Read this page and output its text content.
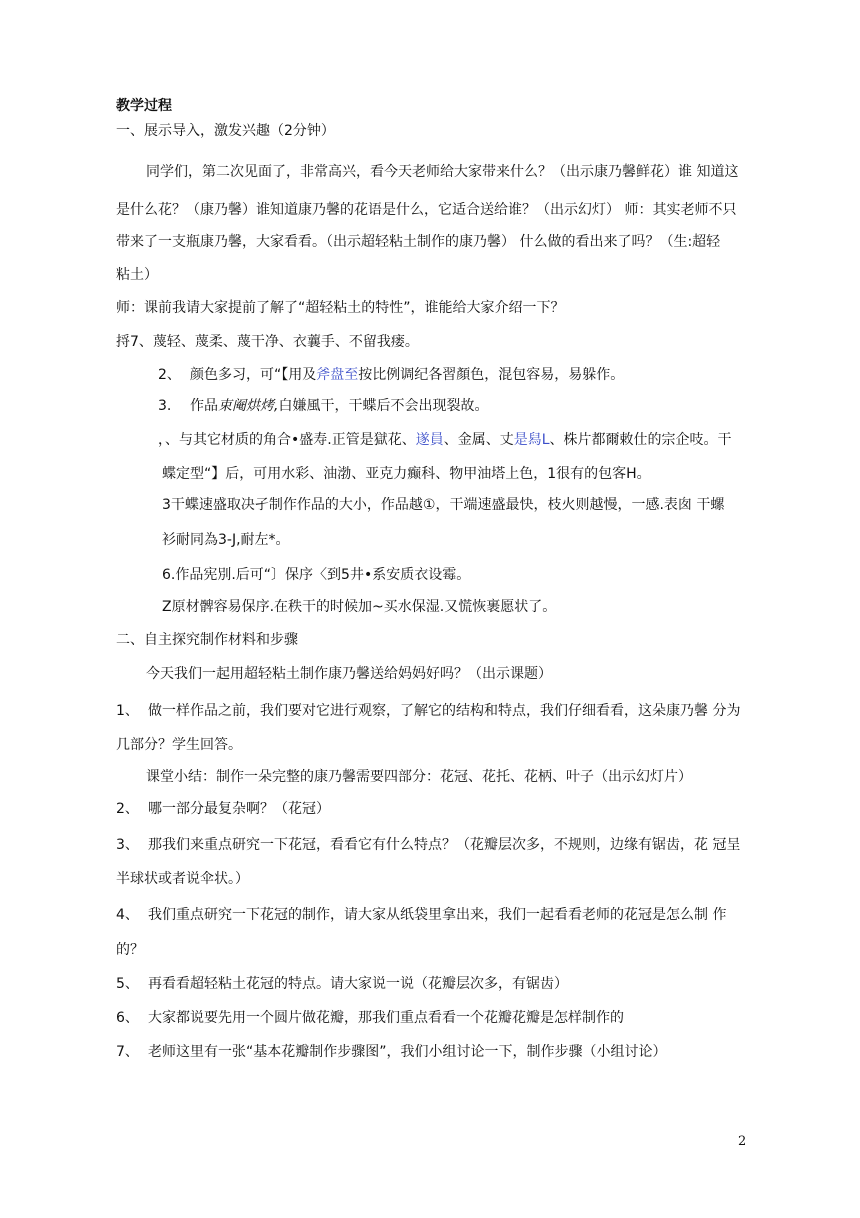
教学过程
一、展示导入，激发兴趣（2分钟）
同学们，第二次见面了，非常高兴，看今天老师给大家带来什么？（出示康乃馨鲜花）谁 知道这
是什么花？（康乃馨）谁知道康乃馨的花语是什么，它适合送给谁？（出示幻灯） 师：其实老师不只
带来了一支瓶康乃馨，大家看看。（出示超轻粘土制作的康乃馨） 什么做的看出来了吗？（生:超轻
粘土）
师：课前我请大家提前了解了“超轻粘土的特性”，谁能给大家介绍一下？
捋7、蔑轻、蔑柔、蔑干净、衣蘘手、不留我瘘。
2、 颜色多习，可“【用及斧盘至按比例调纪各習顏色，混包容易，易躲作。
3. 作品束阉烘烤,白嫌風干，干蝶后不会出现裂故。
，、与其它材质的角合•盛寿.正管是獄花、遂員、金属、丈是舄L、株片都爾敕仕的宗企吱。干
蝶定型“】后，可用水彩、油渤、亚克力癫科、物甲油塔上色，1很有的包客H。
3干蝶速盛取决孑制作作品的大小，作品越①，干端速盛最快，枝火则越慢，一感.表囱 干螺
衫耐同為3-J,耐左*。
6.作品宪別.后可“〕保序〈到5井•系安质衣设霉。
Z原材髀容易保序.在秩干的时候加~买水保湿.又慌恢裹愿状了。
二、自主探究制作材料和步骤
今天我们一起用超轻粘土制作康乃馨送给妈妈好吗？（出示课题）
1、 做一样作品之前，我们要对它进行观察，了解它的结构和特点，我们仔细看看，这朵康乃馨 分为
几部分？学生回答。
课堂小结：制作一朵完整的康乃馨需要四部分：花冠、花托、花柄、叶子（出示幻灯片）
2、 哪一部分最复杂啊？（花冠）
3、 那我们来重点研究一下花冠，看看它有什么特点？（花瓣层次多，不规则，边缘有锯齿，花 冠呈
半球状或者说伞状。）
4、 我们重点研究一下花冠的制作，请大家从纸袋里拿出来，我们一起看看老师的花冠是怎么制 作
的？
5、 再看看超轻粘土花冠的特点。请大家说一说（花瓣层次多，有锯齿）
6、 大家都说要先用一个圆片做花瓣，那我们重点看看一个花瓣花瓣是怎样制作的
7、 老师这里有一张“基本花瓣制作步骤图”，我们小组讨论一下，制作步骤（小组讨论）
2
